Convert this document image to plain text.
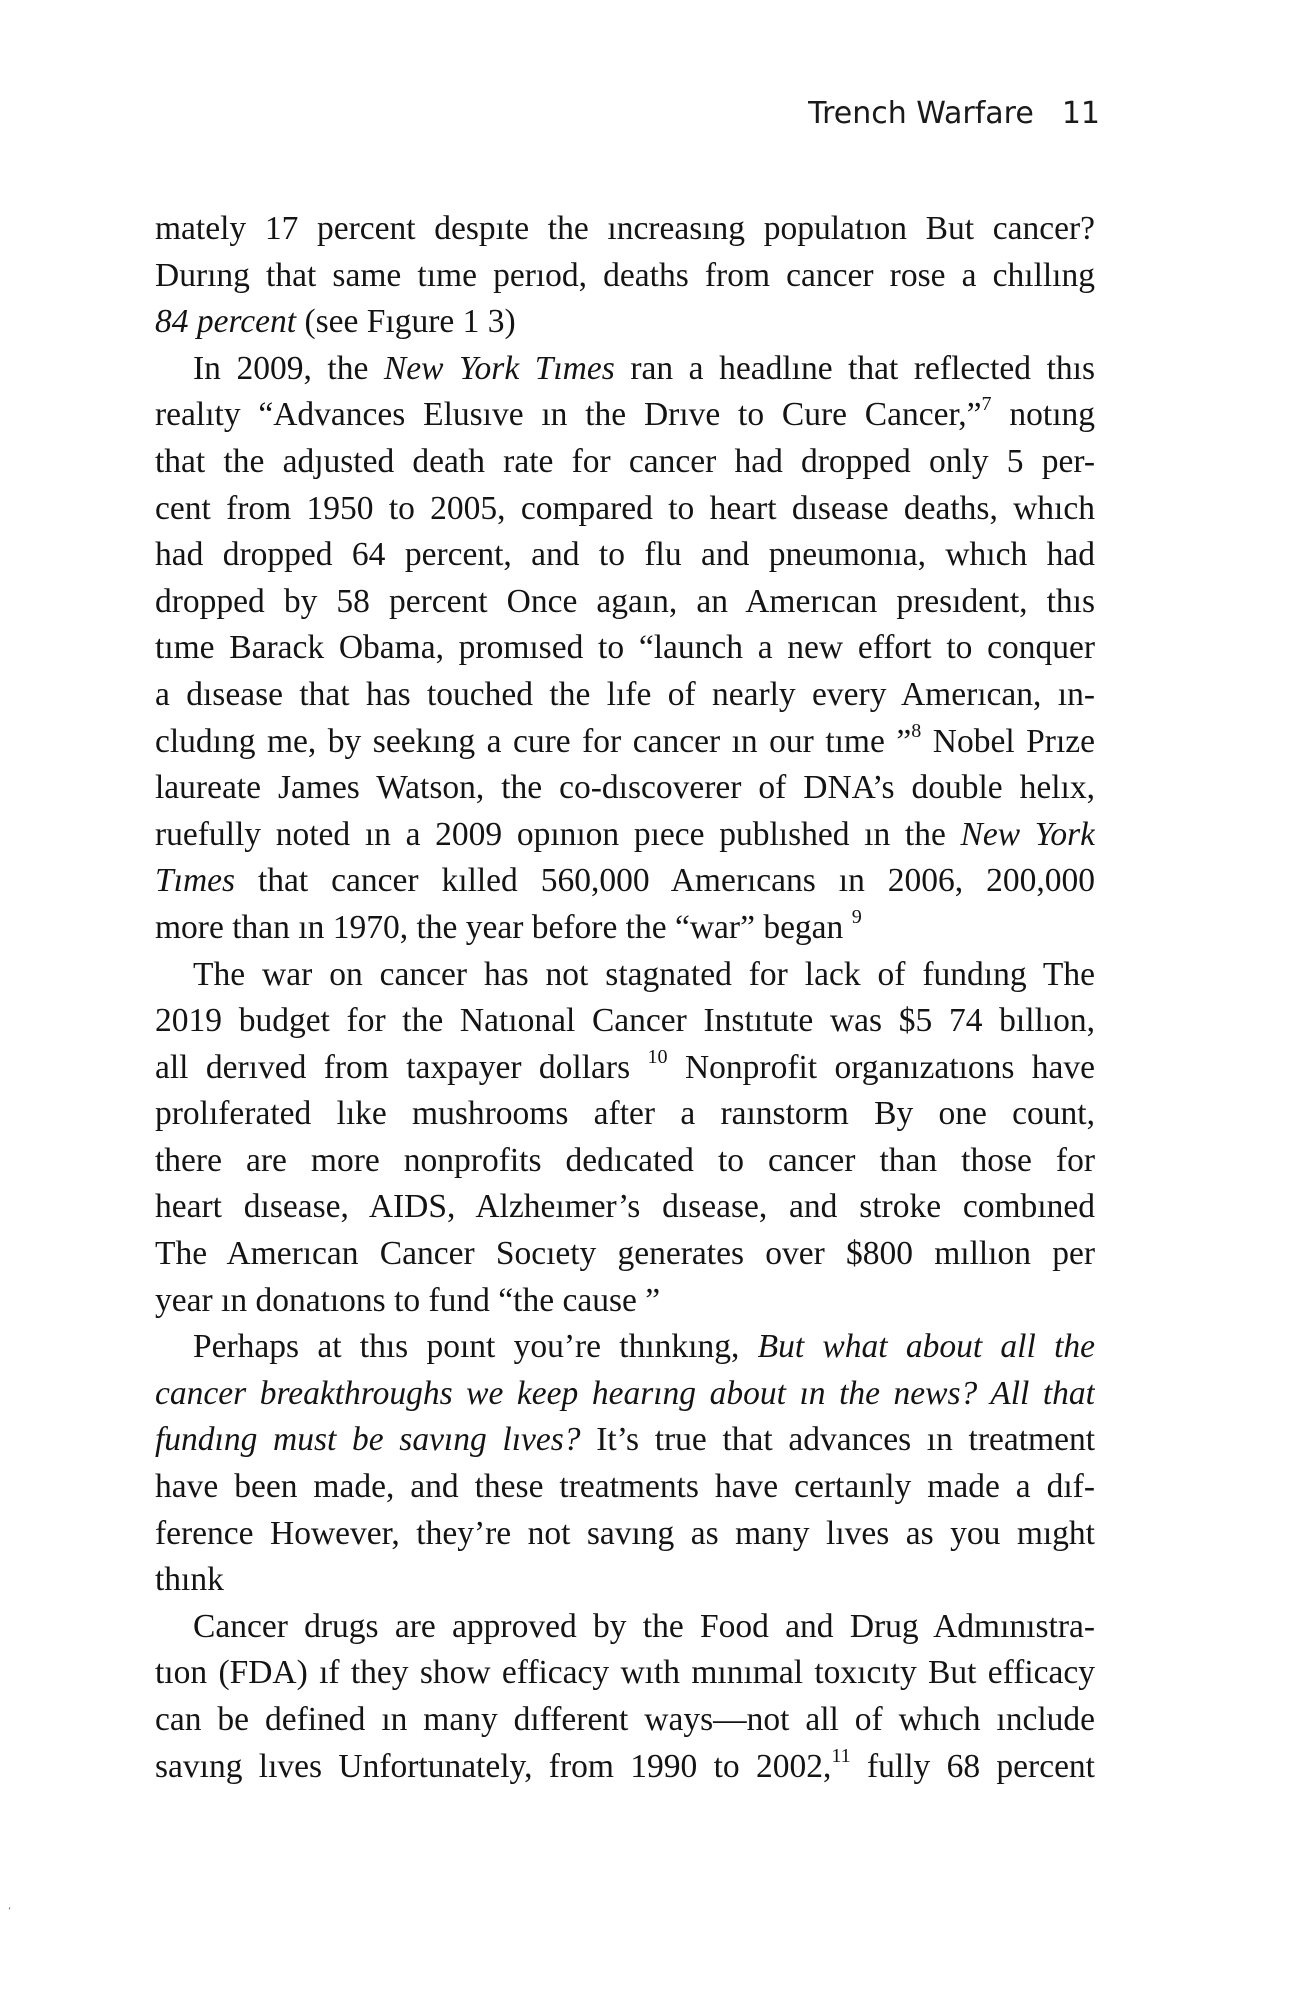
Trench Warfare 11
mately 17 percent despıte the ıncreasıng populatıon But cancer?
Durıng that same tıme perıod, deaths from cancer rose a chıllıng
84 percent (see Fıgure 1 3)
In 2009, the New York Tımes ran a headlıne that reflected thıs
realıty “Advances Elusıve ın the Drıve to Cure Cancer,”$^7$ notıng
that the adȷusted death rate for cancer had dropped only 5 per-
cent from 1950 to 2005, compared to heart dısease deaths, whıch
had dropped 64 percent, and to flu and pneumonıa, whıch had
dropped by 58 percent Once agaın, an Amerıcan presıdent, thıs
tıme Barack Obama, promısed to “launch a new effort to conquer
a dısease that has touched the lıfe of nearly every Amerıcan, ın-
cludıng me, by seekıng a cure for cancer ın our tıme ”$^8$ Nobel Prıze
laureate James Watson, the co-dıscoverer of DNA’s double helıx,
ruefully noted ın a 2009 opınıon pıece publıshed ın the New York
Tımes that cancer kılled 560,000 Amerıcans ın 2006, 200,000
more than ın 1970, the year before the “war” began $^9$
The war on cancer has not stagnated for lack of fundıng The
2019 budget for the Natıonal Cancer Instıtute was $5 74 bıllıon,
all derıved from taxpayer dollars $^{10}$ Nonprofit organızatıons have
prolıferated lıke mushrooms after a raınstorm By one count,
there are more nonprofits dedıcated to cancer than those for
heart dısease, AIDS, Alzheımer’s dısease, and stroke combıned
The Amerıcan Cancer Socıety generates over $800 mıllıon per
year ın donatıons to fund “the cause ”
Perhaps at thıs poınt you’re thınkıng, But what about all the
cancer breakthroughs we keep hearıng about ın the news? All that
fundıng must be savıng lıves? It’s true that advances ın treatment
have been made, and these treatments have certaınly made a dıf-
ference However, they’re not savıng as many lıves as you mıght
thınk
Cancer drugs are approved by the Food and Drug Admınıstra-
tıon (FDA) ıf they show efficacy wıth mınımal toxıcıty But efficacy
can be defined ın many dıfferent ways—not all of whıch ınclude
savıng lıves Unfortunately, from 1990 to 2002,11 fully 68 percent
‘
